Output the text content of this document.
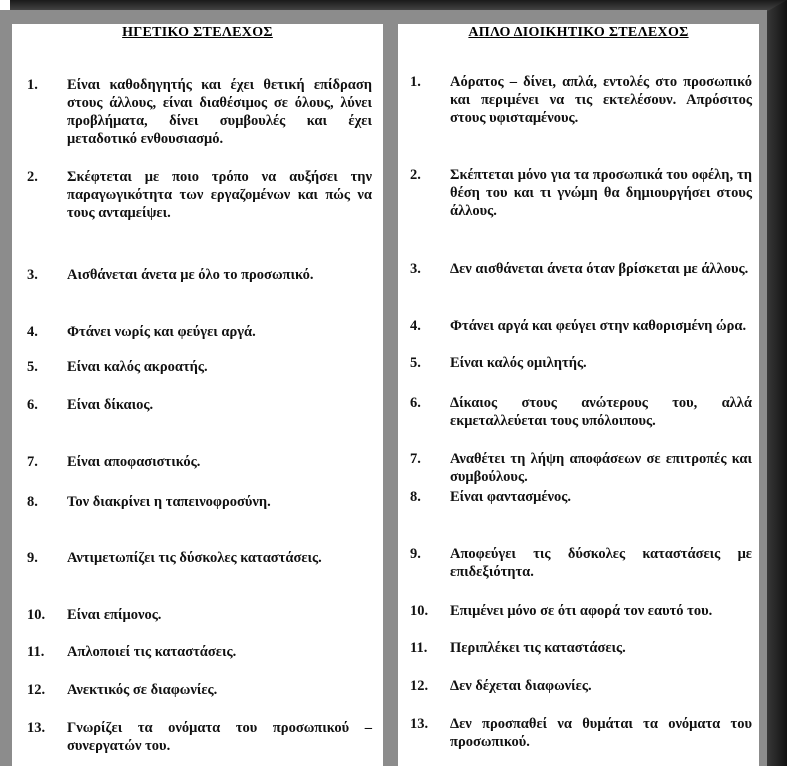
ΗΓΕΤΙΚΟ ΣΤΕΛΕΧΟΣ
1. Είναι καθοδηγητής και έχει θετική επίδραση στους άλλους, είναι διαθέσιμος σε όλους, λύνει προβλήματα, δίνει συμβουλές και έχει μεταδοτικό ενθουσιασμό.
2. Σκέφτεται με ποιο τρόπο να αυξήσει την παραγωγικότητα των εργαζομένων και πώς να τους ανταμείψει.
3. Αισθάνεται άνετα με όλο το προσωπικό.
4. Φτάνει νωρίς και φεύγει αργά.
5. Είναι καλός ακροατής.
6. Είναι δίκαιος.
7. Είναι αποφασιστικός.
8. Τον διακρίνει η ταπεινοφροσύνη.
9. Αντιμετωπίζει τις δύσκολες καταστάσεις.
10. Είναι επίμονος.
11. Απλοποιεί τις καταστάσεις.
12. Ανεκτικός σε διαφωνίες.
13. Γνωρίζει τα ονόματα του προσωπικού – συνεργατών του.
ΑΠΛΟ ΔΙΟΙΚΗΤΙΚΟ ΣΤΕΛΕΧΟΣ
1. Αόρατος – δίνει, απλά, εντολές στο προσωπικό και περιμένει να τις εκτελέσουν. Απρόσιτος στους υφισταμένους.
2. Σκέπτεται μόνο για τα προσωπικά του οφέλη, τη θέση του και τι γνώμη θα δημιουργήσει στους άλλους.
3. Δεν αισθάνεται άνετα όταν βρίσκεται με άλλους.
4. Φτάνει αργά και φεύγει στην καθορισμένη ώρα.
5. Είναι καλός ομιλητής.
6. Δίκαιος στους ανώτερους του, αλλά εκμεταλλεύεται τους υπόλοιπους.
7. Αναθέτει τη λήψη αποφάσεων σε επιτροπές και συμβούλους.
8. Είναι φαντασμένος.
9. Αποφεύγει τις δύσκολες καταστάσεις με επιδεξιότητα.
10. Επιμένει μόνο σε ότι αφορά τον εαυτό του.
11. Περιπλέκει τις καταστάσεις.
12. Δεν δέχεται διαφωνίες.
13. Δεν προσπαθεί να θυμάται τα ονόματα του προσωπικού.
